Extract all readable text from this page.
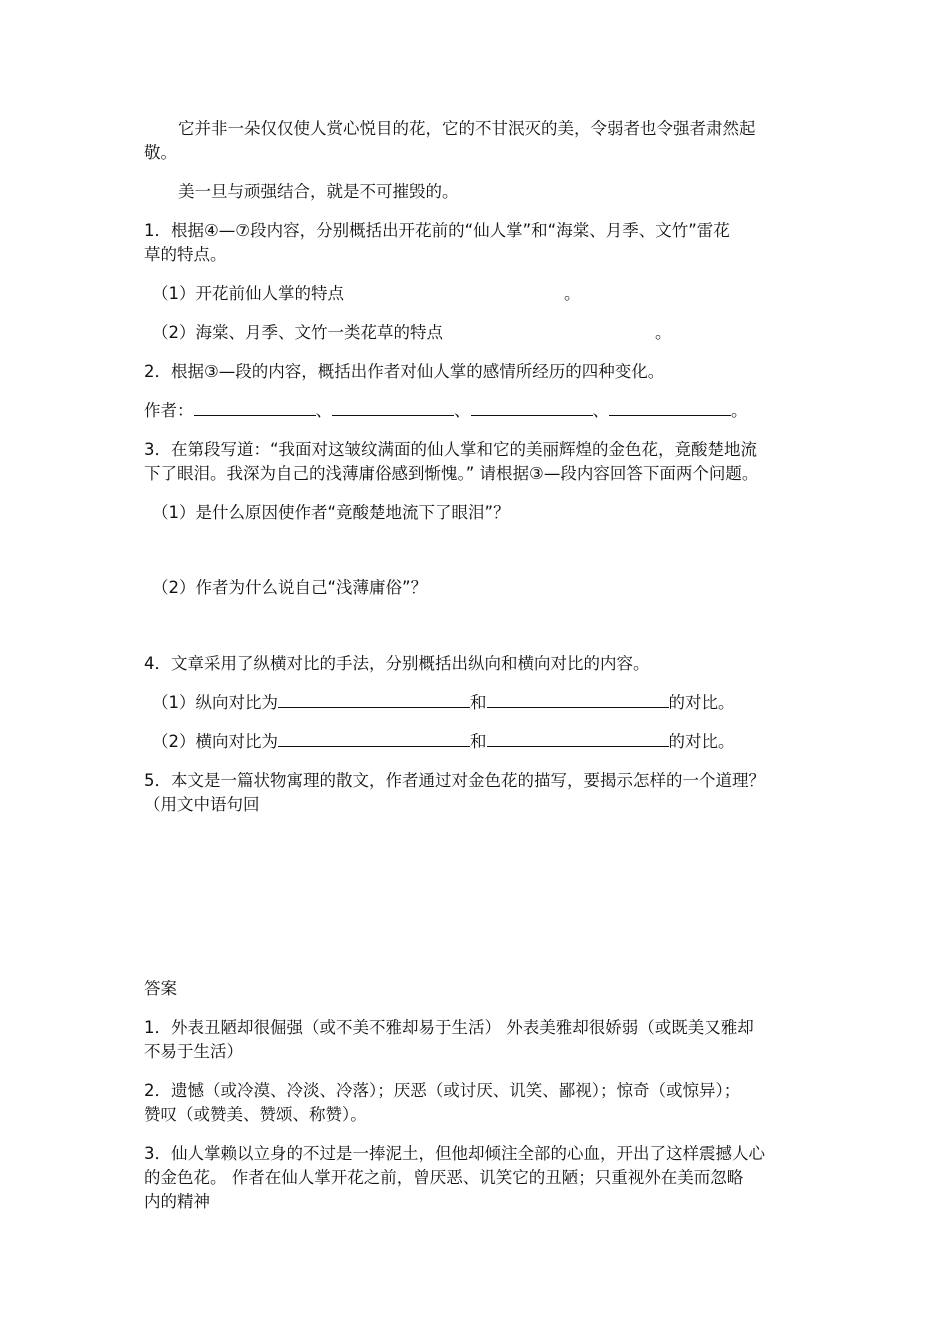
它并非一朵仅仅使人赏心悦目的花，它的不甘泯灭的美，令弱者也令强者肃然起
敬。
美一旦与顽强结合，就是不可摧毁的。
1．根据④—⑦段内容，分别概括出开花前的“仙人掌”和“海棠、月季、文竹”雷花
草的特点。
（1）开花前仙人掌的特点	。
（2）海棠、月季、文竹一类花草的特点	。
2．根据③—段的内容，概括出作者对仙人掌的感情所经历的四种变化。
作者：	、	、	、	。
3．在第段写道：“我面对这皱纹满面的仙人掌和它的美丽辉煌的金色花，竟酸楚地流
下了眼泪。我深为自己的浅薄庸俗感到惭愧。” 请根据③—段内容回答下面两个问题。
（1）是什么原因使作者“竟酸楚地流下了眼泪”？
（2）作者为什么说自己“浅薄庸俗”？
4．文章采用了纵横对比的手法，分别概括出纵向和横向对比的内容。
（1）纵向对比为	和	的对比。
（2）横向对比为	和	的对比。
5．本文是一篇状物寓理的散文，作者通过对金色花的描写，要揭示怎样的一个道理？
（用文中语句回
答案
1．外表丑陋却很倔强（或不美不雅却易于生活） 外表美雅却很娇弱（或既美又雅却
不易于生活）
2．遗憾（或冷漠、冷淡、冷落）；厌恶（或讨厌、讥笑、鄙视）；惊奇（或惊异）；
赞叹（或赞美、赞颂、称赞）。
3．仙人掌赖以立身的不过是一捧泥土，但他却倾注全部的心血，开出了这样震撼人心
的金色花。 作者在仙人掌开花之前，曾厌恶、讥笑它的丑陋；只重视外在美而忽略
内的精神
